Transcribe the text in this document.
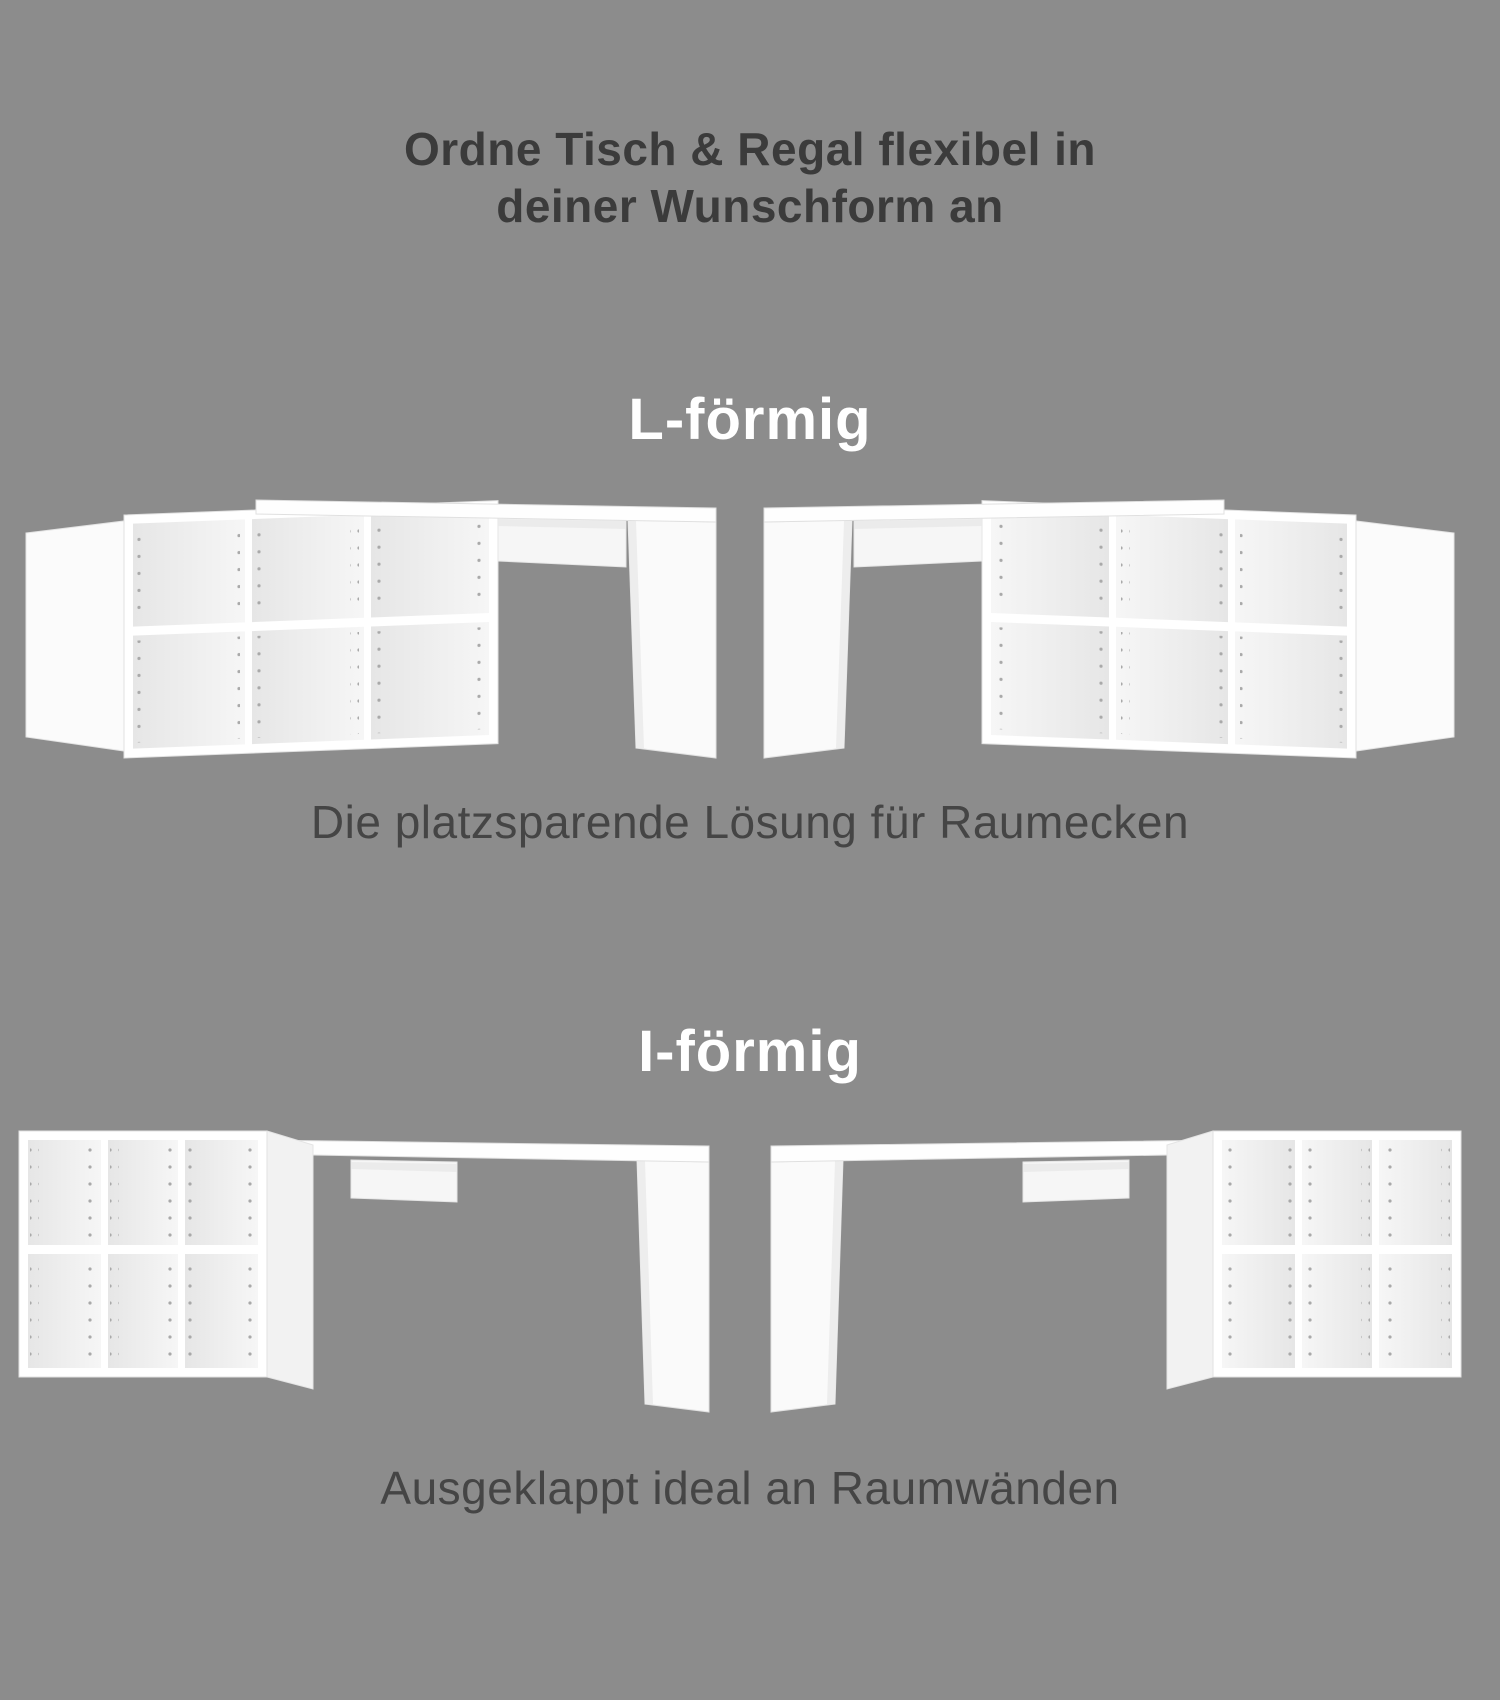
Ordne Tisch & Regal flexibel in
deiner Wunschform an
L-förmig
Die platzsparende Lösung für Raumecken
I-förmig
Ausgeklappt ideal an Raumwänden
